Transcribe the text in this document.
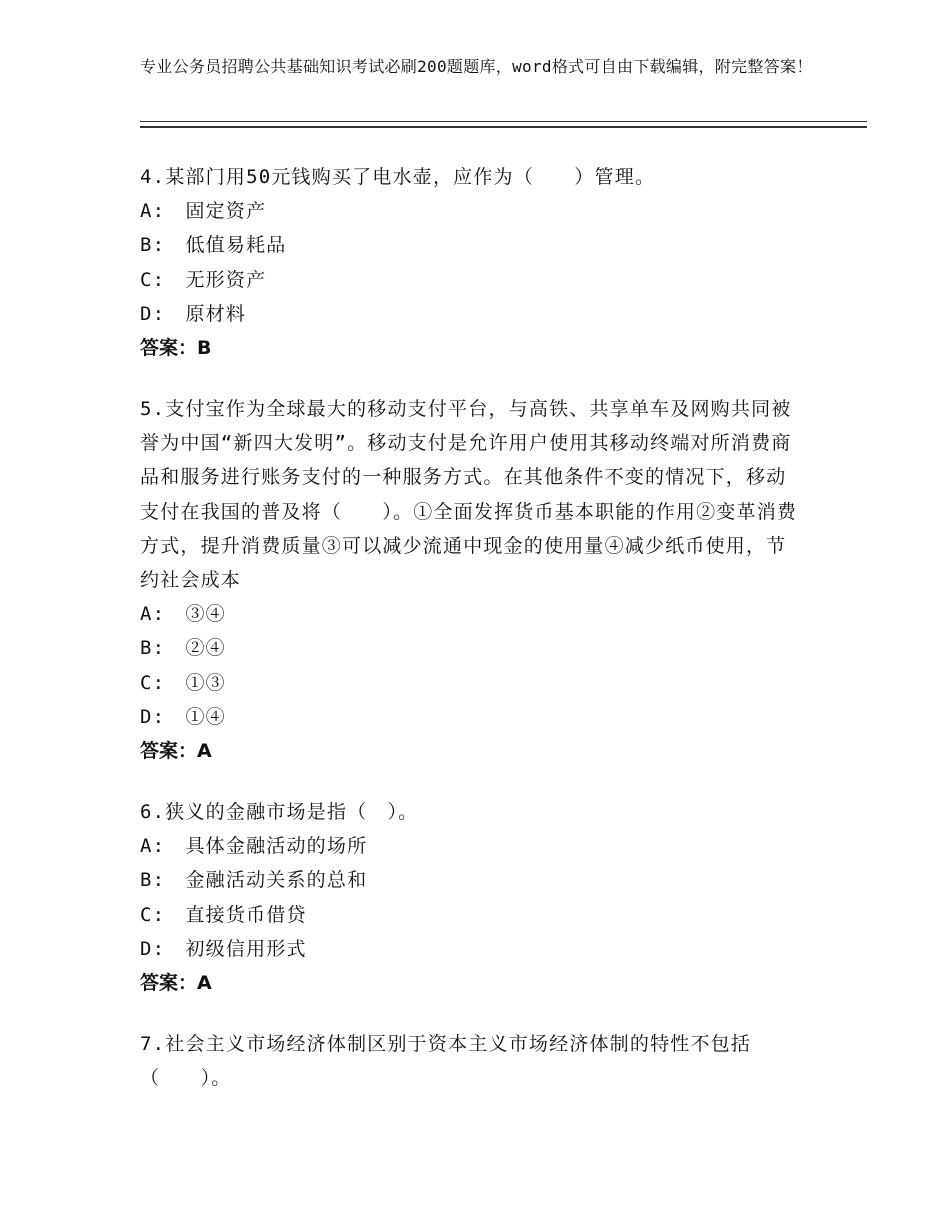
专业公务员招聘公共基础知识考试必刷200题题库，word格式可自由下载编辑，附完整答案！
4.某部门用50元钱购买了电水壶，应作为（　　）管理。
A:　固定资产
B:　低值易耗品
C:　无形资产
D:　原材料
答案：B
5.支付宝作为全球最大的移动支付平台，与高铁、共享单车及网购共同被誉为中国“新四大发明”。移动支付是允许用户使用其移动终端对所消费商品和服务进行账务支付的一种服务方式。在其他条件不变的情况下，移动支付在我国的普及将（　　）。①全面发挥货币基本职能的作用②变革消费方式，提升消费质量③可以减少流通中现金的使用量④减少纸币使用，节约社会成本
A:　③④
B:　②④
C:　①③
D:　①④
答案：A
6.狭义的金融市场是指（　）。
A:　具体金融活动的场所
B:　金融活动关系的总和
C:　直接货币借贷
D:　初级信用形式
答案：A
7.社会主义市场经济体制区别于资本主义市场经济体制的特性不包括（　　）。
